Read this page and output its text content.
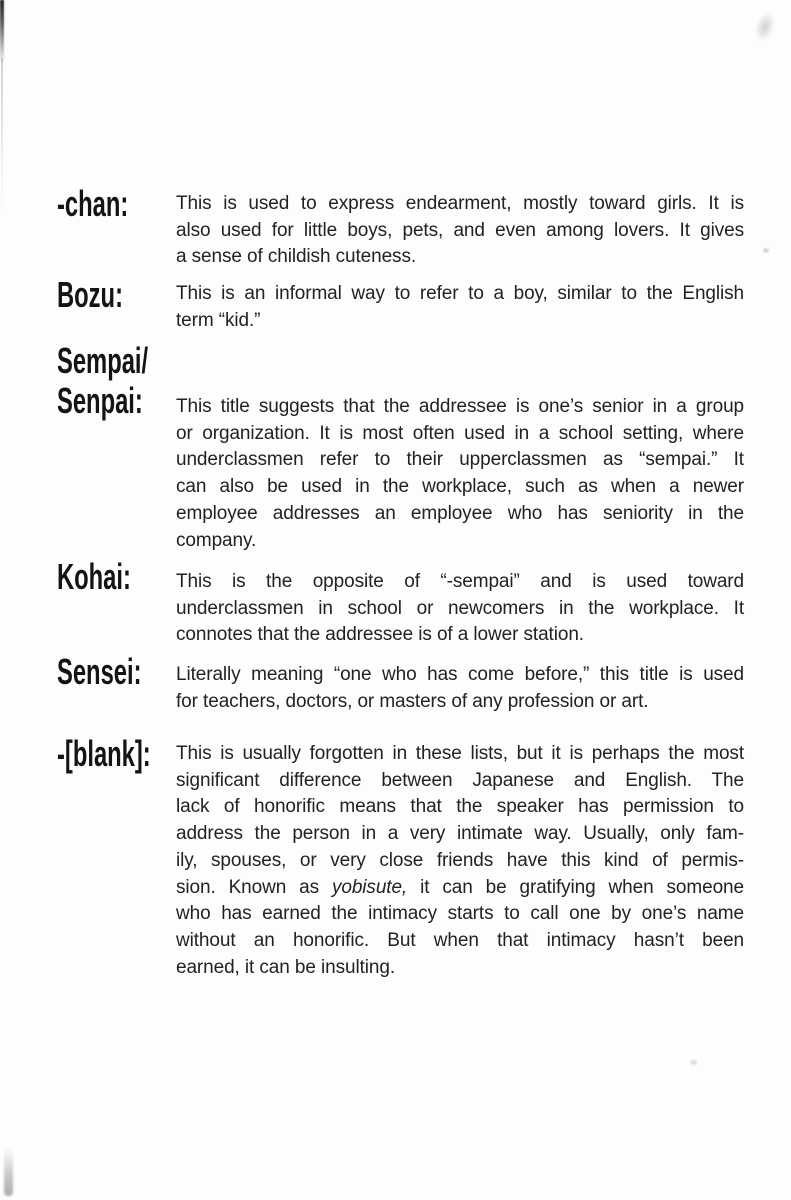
-chan:	This is used to express endearment, mostly toward girls. It is
also used for little boys, pets, and even among lovers. It gives
a sense of childish cuteness.
Bozu:	This is an informal way to refer to a boy, similar to the English
term “kid.”
Sempai/
Senpai: This title suggests that the addressee is one’s senior in a group
or organization. It is most often used in a school setting, where
underclassmen refer to their upperclassmen as “sempai.” It
can also be used in the workplace, such as when a newer
employee addresses an employee who has seniority in the
company.
Kohai: This is the opposite of “-sempai” and is used toward
underclassmen in school or newcomers in the workplace. It
connotes that the addressee is of a lower station.
Sensei: Literally meaning “one who has come before,” this title is used
for teachers, doctors, or masters of any profession or art.
-[blank]: This is usually forgotten in these lists, but it is perhaps the most
significant difference between Japanese and English. The
lack of honorific means that the speaker has permission to
address the person in a very intimate way. Usually, only fam-
ily, spouses, or very close friends have this kind of permis-
sion. Known as yobisute, it can be gratifying when someone
who has earned the intimacy starts to call one by one’s name
without an honorific. But when that intimacy hasn’t been
earned, it can be insulting.
